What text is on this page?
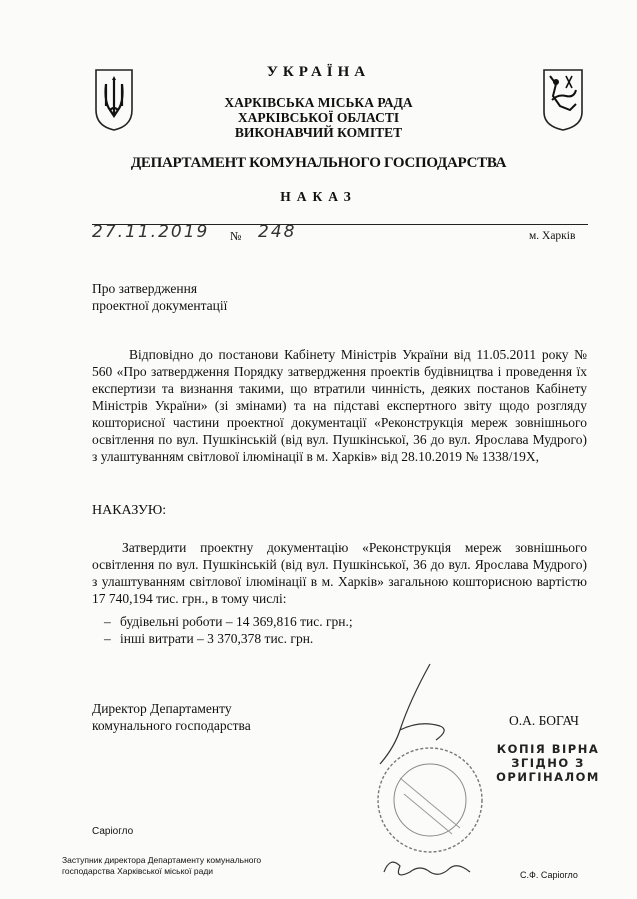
УКРАЇНА
ХАРКІВСЬКА МІСЬКА РАДА
ХАРКІВСЬКОЇ ОБЛАСТІ
ВИКОНАВЧИЙ КОМІТЕТ
ДЕПАРТАМЕНТ КОМУНАЛЬНОГО ГОСПОДАРСТВА
НАКАЗ
27.11.2019 № 248	м. Харків
Про затвердження
проектної документації
Відповідно до постанови Кабінету Міністрів України від 11.05.2011 року № 560 «Про затвердження Порядку затвердження проектів будівництва і проведення їх експертизи та визнання такими, що втратили чинність, деяких постанов Кабінету Міністрів України» (зі змінами) та на підставі експертного звіту щодо розгляду кошторисної частини проектної документації «Реконструкція мереж зовнішнього освітлення по вул. Пушкінській (від вул. Пушкінської, 36 до вул. Ярослава Мудрого) з улаштуванням світлової ілюмінації в м. Харків» від 28.10.2019 № 1338/19Х,
НАКАЗУЮ:
Затвердити проектну документацію «Реконструкція мереж зовнішнього освітлення по вул. Пушкінській (від вул. Пушкінської, 36 до вул. Ярослава Мудрого) з улаштуванням світлової ілюмінації в м. Харків» загальною кошторисною вартістю 17 740,194 тис. грн., в тому числі:
– будівельні роботи – 14 369,816 тис. грн.;
– інші витрати – 3 370,378 тис. грн.
Директор Департаменту
комунального господарства	О.А. БОГАЧ
КОПІЯ ВІРНА
ЗГІДНО З
ОРИГІНАЛОМ
Саріогло
Заступник директора Департаменту комунального
господарства Харківської міської ради	С.Ф. Саріогло
